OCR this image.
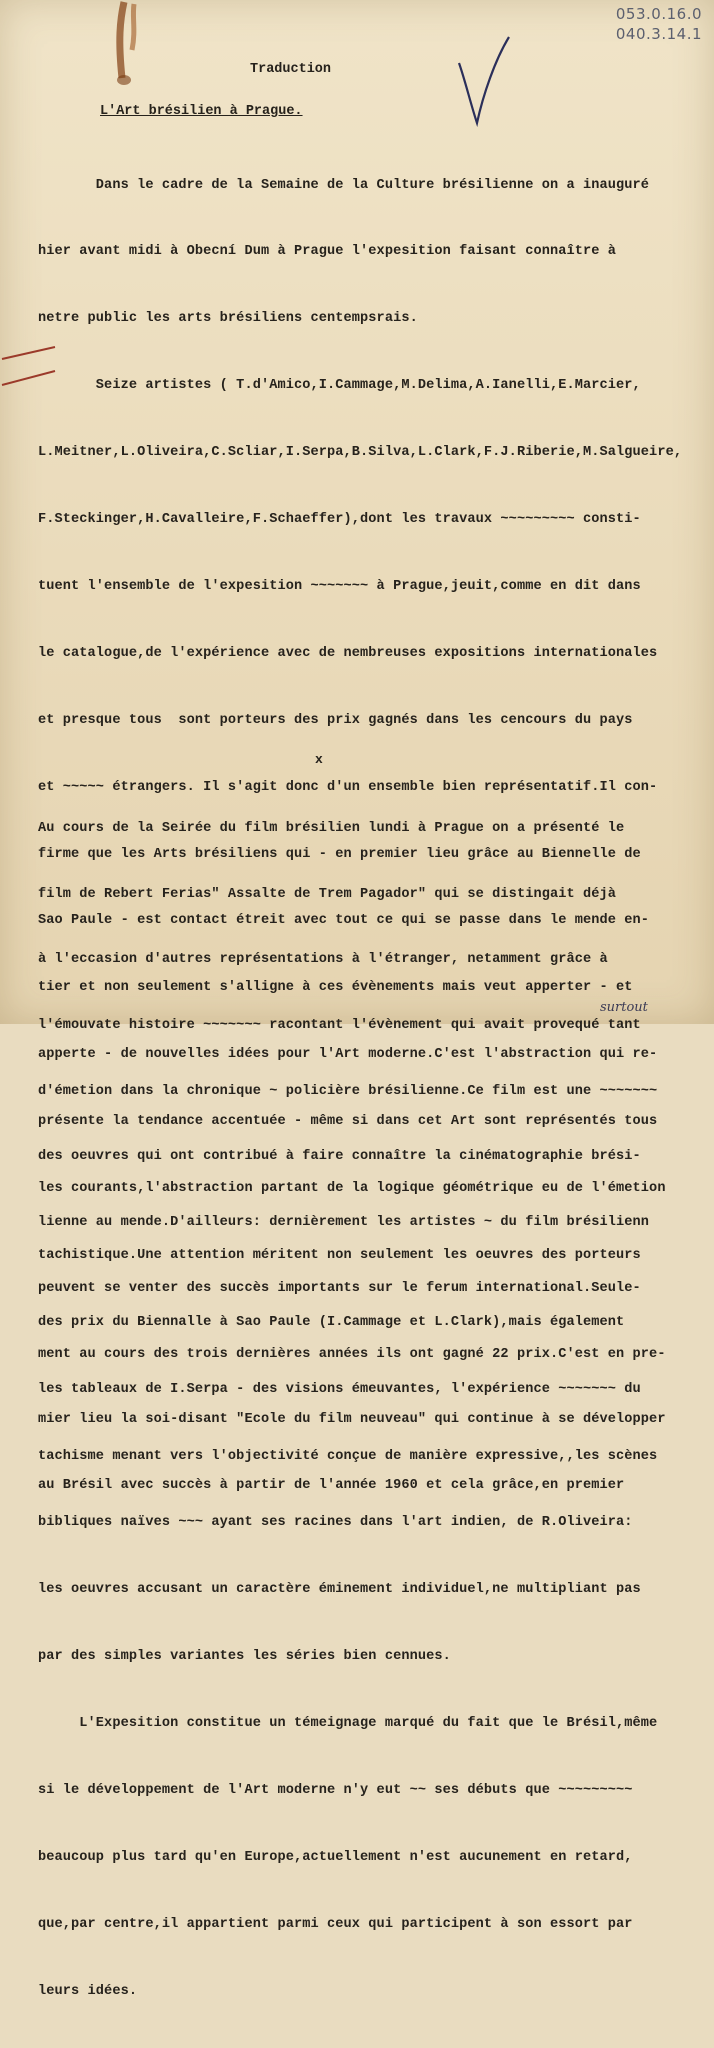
053.0.16.0
040.3.14.1
Traduction
L'Art brésilien à Prague.

Dans le cadre de la Semaine de la Culture brésilienne on a inauguré

hier avant midi à Obecní Dum à Prague l'expesition faisant connaître à

netre public les arts brésiliens centempsrais.

Seize artistes ( T.d'Amico,I.Cammage,M.Delima,A.Ianelli,E.Marcier,

L.Meitner,L.Oliveira,C.Scliar,I.Serpa,B.Silva,L.Clark,F.J.Riberie,M.Salgueire,

F.Steckinger,H.Cavalleire,F.Schaeffer),dont les travaux ~~~~~~~~~ consti-

tuent l'ensemble de l'expesition ~~~~~~~ à Prague,jeuit,comme en dit dans

le catalogue,de l'expérience avec de nembreuses expositions internationales

et presque tous  sont porteurs des prix gagnés dans les cencours du pays

et ~~~~~ étrangers. Il s'agit donc d'un ensemble bien représentatif.Il con-

firme que les Arts brésiliens qui - en premier lieu grâce au Biennelle de

Sao Paule - est contact étreit avec tout ce qui se passe dans le mende en-

tier et non seulement s'alligne à ces évènements mais veut apperter - et

apperte - de nouvelles idées pour l'Art moderne.C'est l'abstraction qui re-

présente la tendance accentuée - même si dans cet Art sont représentés tous

les courants,l'abstraction partant de la logique géométrique eu de l'émetion

tachistique.Une attention méritent non seulement les oeuvres des porteurs

des prix du Biennalle à Sao Paule (I.Cammage et L.Clark),mais également

les tableaux de I.Serpa - des visions émeuvantes, l'expérience ~~~~~~~ du

tachisme menant vers l'objectivité conçue de manière expressive,,les scènes

bibliques naïves ~~~ ayant ses racines dans l'art indien, de R.Oliveira:

les oeuvres accusant un caractère éminement individuel,ne multipliant pas

par des simples variantes les séries bien cennues.

L'Expesition constitue un témeignage marqué du fait que le Brésil,même

si le développement de l'Art moderne n'y eut ~~ ses débuts que ~~~~~~~~~

beaucoup plus tard qu'en Europe,actuellement n'est aucunement en retard,

que,par centre,il appartient parmi ceux qui participent à son essort par

leurs idées.

x

Au cours de la Seirée du film brésilien lundi à Prague on a présenté le

film de Rebert Ferias" Assalte de Trem Pagador" qui se distingait déjà

à l'eccasion d'autres représentations à l'étranger, netamment grâce à

l'émouvate histoire ~~~~~~~ racontant l'évènement qui avait provequé tant

d'émetion dans la chronique ~ policière brésilienne.Ce film est une ~~~~~~~

des oeuvres qui ont contribué à faire connaître la cinématographie brési-

lienne au mende.D'ailleurs: dernièrement les artistes ~ du film brésilienn

peuvent se venter des succès importants sur le ferum international.Seule-

ment au cours des trois dernières années ils ont gagné 22 prix.C'est en pre-

mier lieu la soi-disant "Ecole du film neuveau" qui continue à se développer

au Brésil avec succès à partir de l'année 1960 et cela grâce,en premier

surtout
